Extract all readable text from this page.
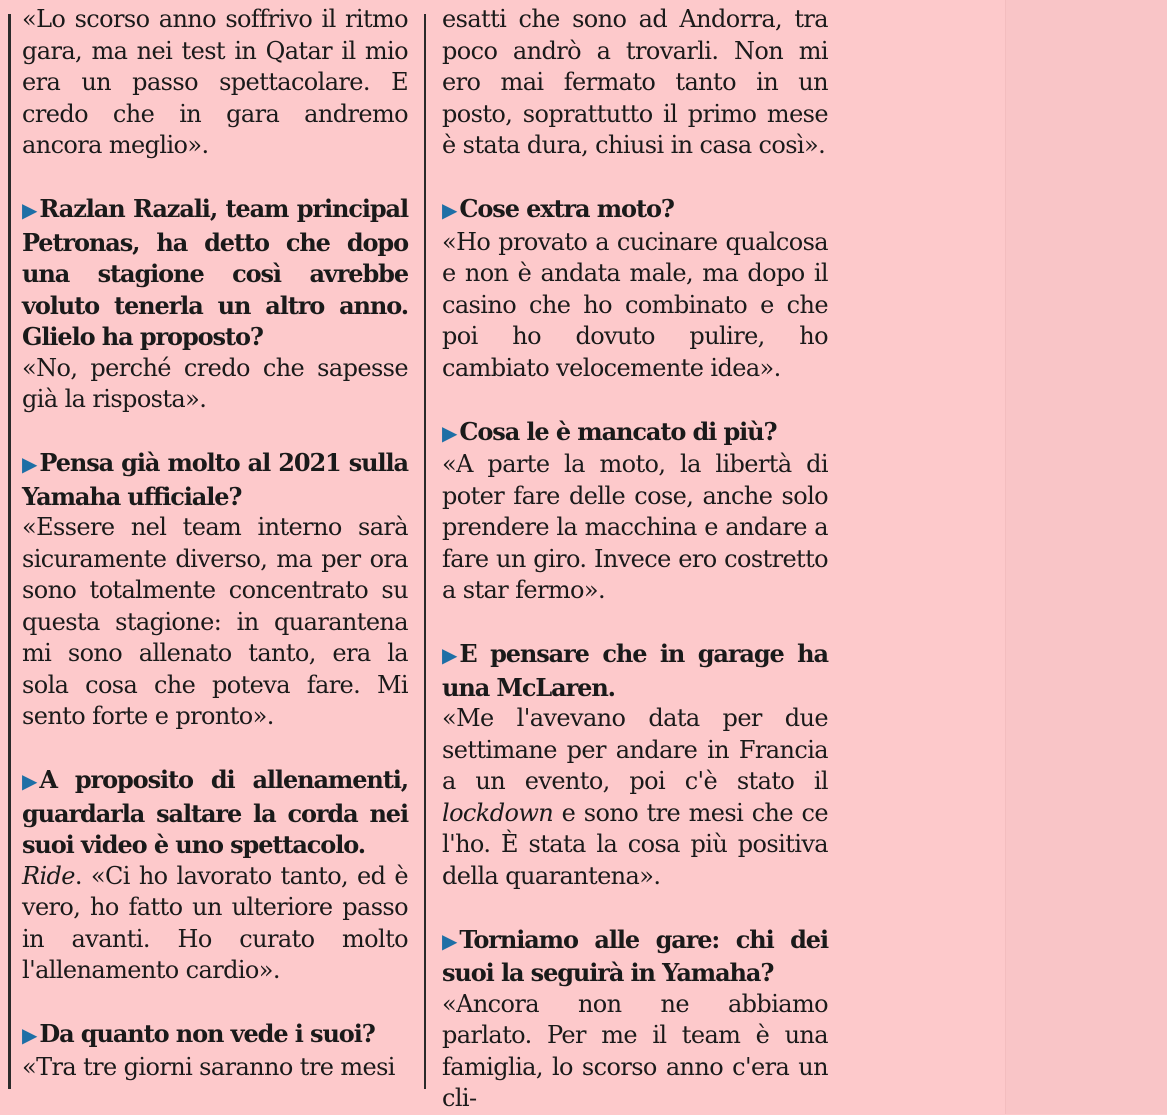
«Lo scorso anno soffrivo il ritmo gara, ma nei test in Qatar il mio era un passo spettacolare. E credo che in gara andremo ancora meglio».

▶Razlan Razali, team principal Petronas, ha detto che dopo una stagione così avrebbe voluto tenerla un altro anno. Glielo ha proposto?

«No, perché credo che sapesse già la risposta».

▶Pensa già molto al 2021 sulla Yamaha ufficiale?

«Essere nel team interno sarà sicuramente diverso, ma per ora sono totalmente concentrato su questa stagione: in quarantena mi sono allenato tanto, era la sola cosa che poteva fare. Mi sento forte e pronto».

▶A proposito di allenamenti, guardarla saltare la corda nei suoi video è uno spettacolo.

Ride. «Ci ho lavorato tanto, ed è vero, ho fatto un ulteriore passo in avanti. Ho curato molto l'allenamento cardio».

▶Da quanto non vede i suoi?

«Tra tre giorni saranno tre mesi

esatti che sono ad Andorra, tra poco andrò a trovarli. Non mi ero mai fermato tanto in un posto, soprattutto il primo mese è stata dura, chiusi in casa così».

▶Cose extra moto?

«Ho provato a cucinare qualcosa e non è andata male, ma dopo il casino che ho combinato e che poi ho dovuto pulire, ho cambiato velocemente idea».

▶Cosa le è mancato di più?

«A parte la moto, la libertà di poter fare delle cose, anche solo prendere la macchina e andare a fare un giro. Invece ero costretto a star fermo».

▶E pensare che in garage ha una McLaren.

«Me l'avevano data per due settimane per andare in Francia a un evento, poi c'è stato il lockdown e sono tre mesi che ce l'ho. È stata la cosa più positiva della quarantena».

▶Torniamo alle gare: chi dei suoi la seguirà in Yamaha?

«Ancora non ne abbiamo parlato. Per me il team è una famiglia, lo scorso anno c'era un cli-
